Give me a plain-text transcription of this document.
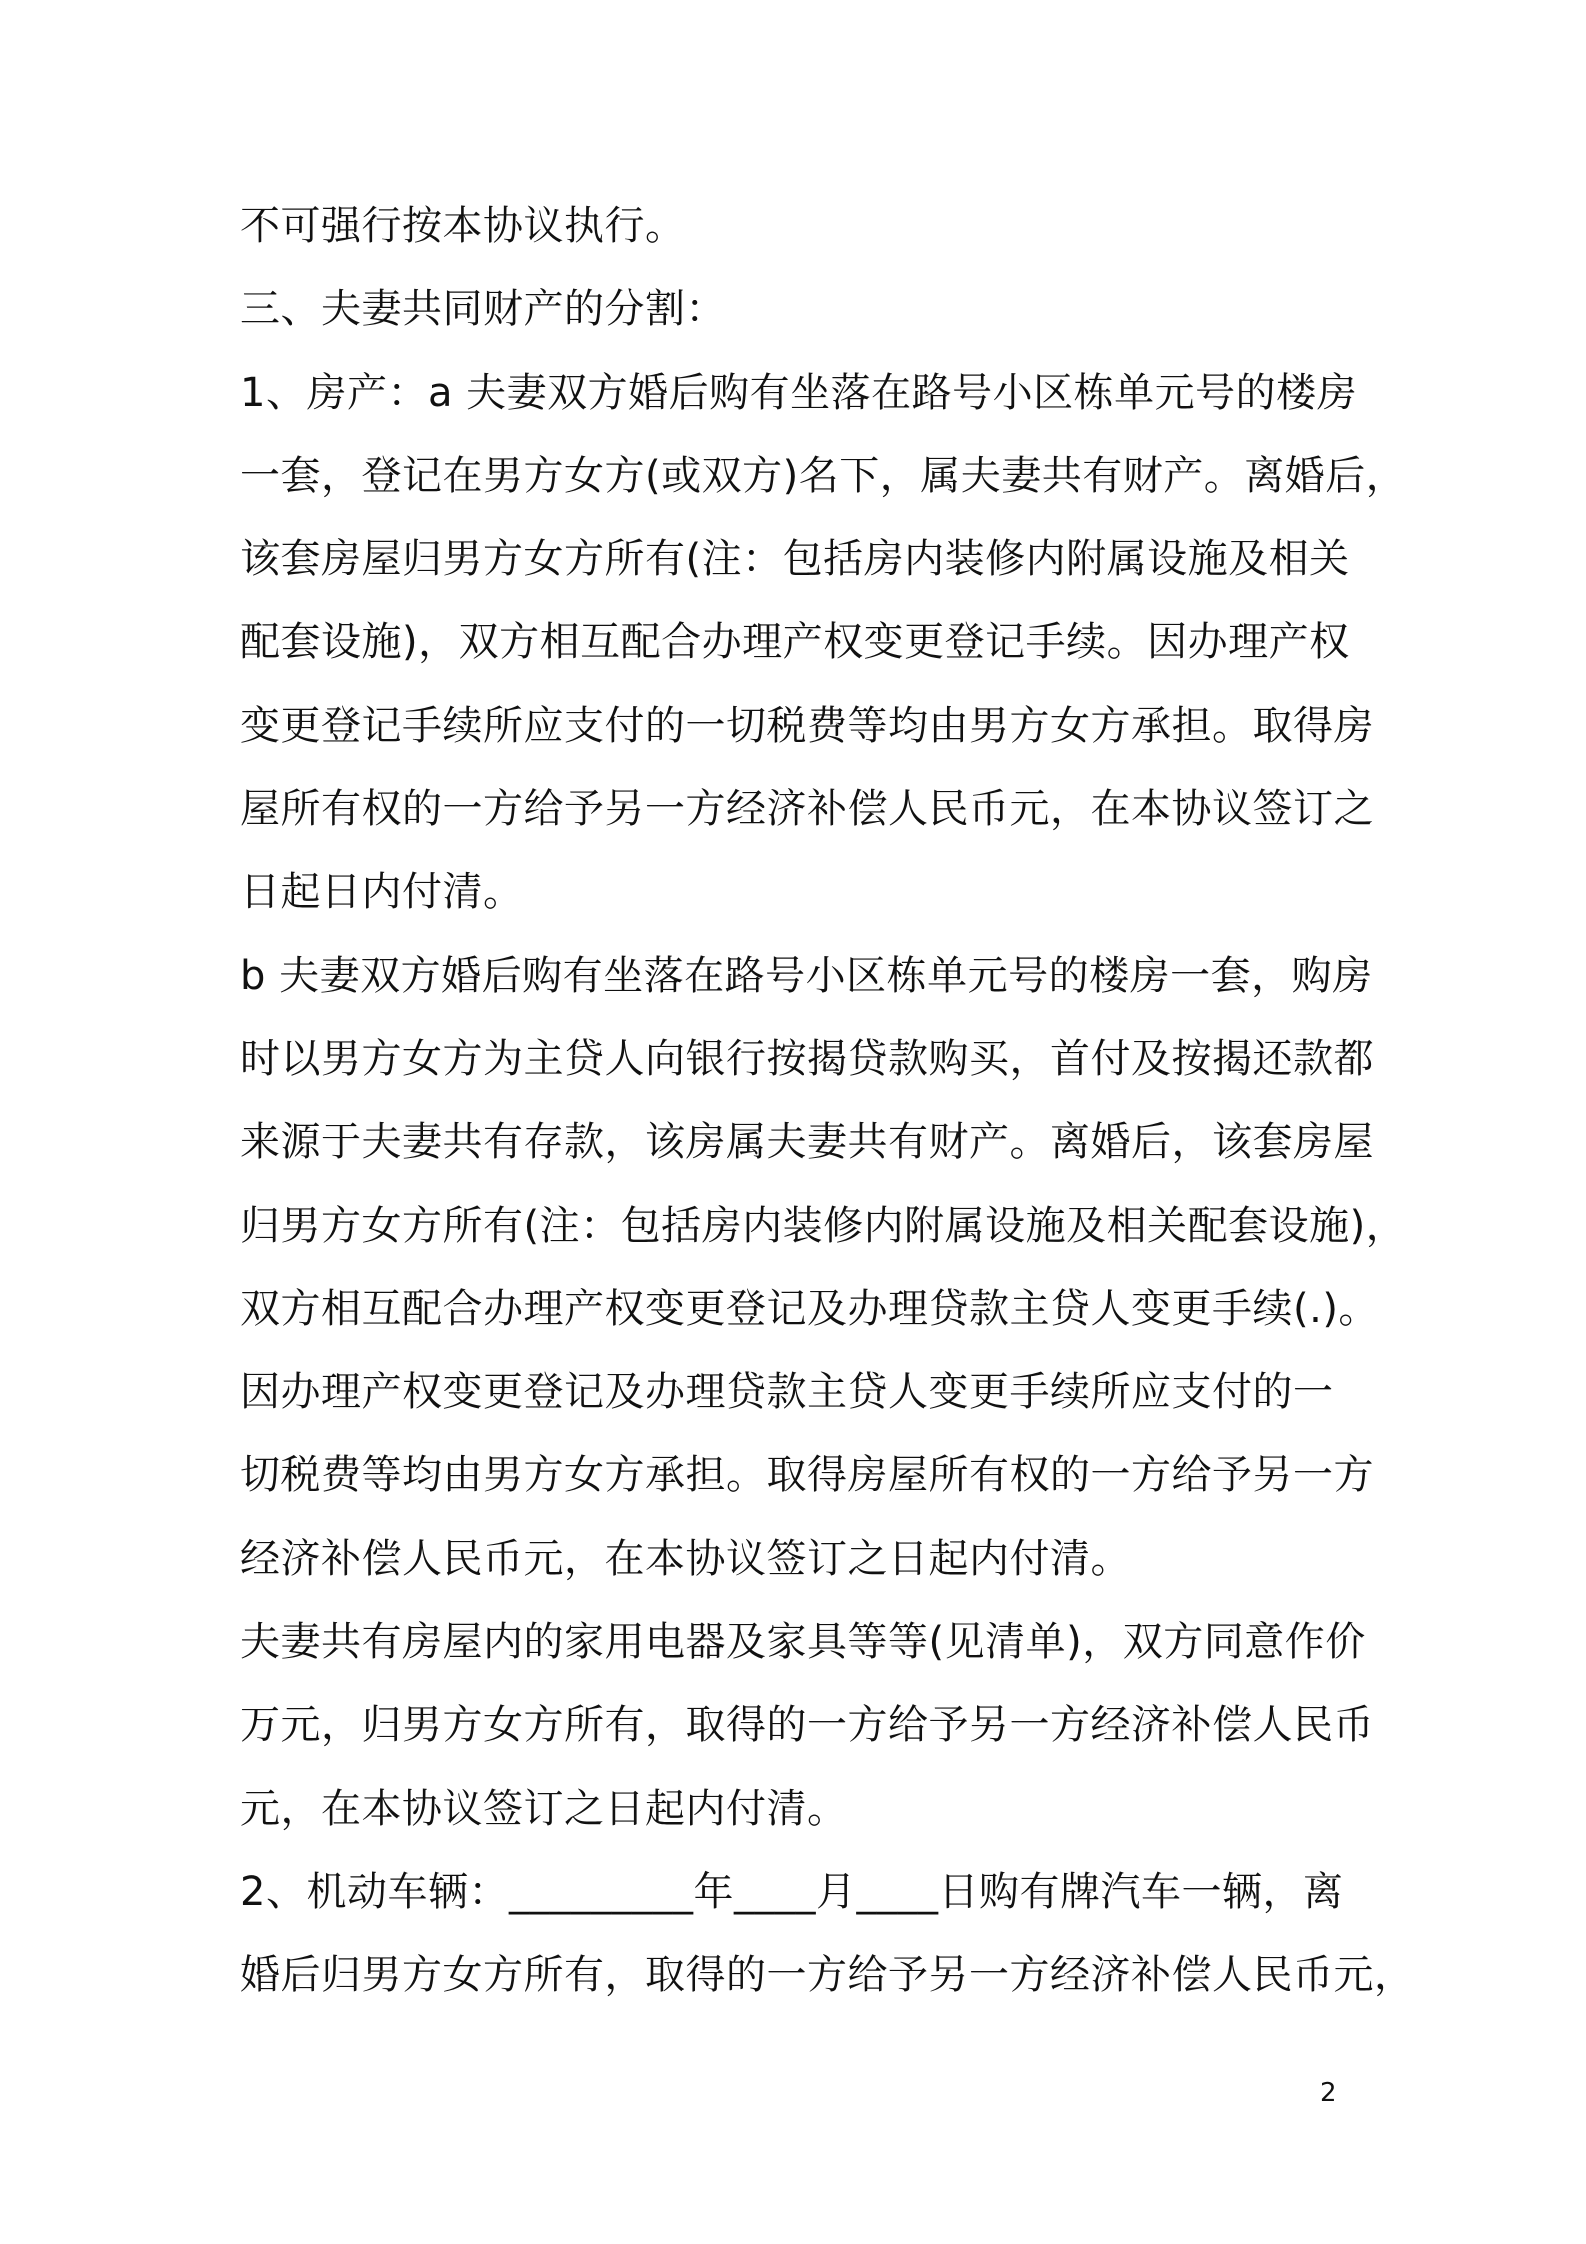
不可强行按本协议执行。
三、夫妻共同财产的分割：
1、房产：a 夫妻双方婚后购有坐落在路号小区栋单元号的楼房
一套，登记在男方女方(或双方)名下，属夫妻共有财产。离婚后，
该套房屋归男方女方所有(注：包括房内装修内附属设施及相关
配套设施)，双方相互配合办理产权变更登记手续。因办理产权
变更登记手续所应支付的一切税费等均由男方女方承担。取得房
屋所有权的一方给予另一方经济补偿人民币元，在本协议签订之
日起日内付清。
b 夫妻双方婚后购有坐落在路号小区栋单元号的楼房一套，购房
时以男方女方为主贷人向银行按揭贷款购买，首付及按揭还款都
来源于夫妻共有存款，该房属夫妻共有财产。离婚后，该套房屋
归男方女方所有(注：包括房内装修内附属设施及相关配套设施)，
双方相互配合办理产权变更登记及办理贷款主贷人变更手续(.)。
因办理产权变更登记及办理贷款主贷人变更手续所应支付的一
切税费等均由男方女方承担。取得房屋所有权的一方给予另一方
经济补偿人民币元，在本协议签订之日起内付清。
夫妻共有房屋内的家用电器及家具等等(见清单)，双方同意作价
万元，归男方女方所有，取得的一方给予另一方经济补偿人民币
元，在本协议签订之日起内付清。
2、机动车辆：_________年____月____日购有牌汽车一辆，离
婚后归男方女方所有，取得的一方给予另一方经济补偿人民币元，
2
